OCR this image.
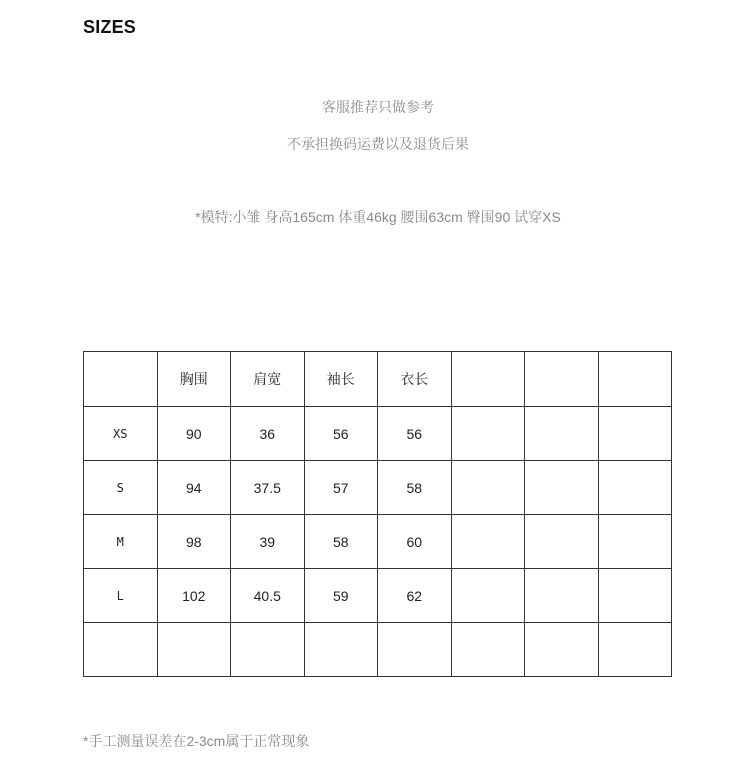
SIZES
客服推荐只做参考
不承担换码运费以及退货后果
*模特:小雏 身高165cm 体重46kg 腰围63cm 臀围90 试穿XS
	胸围	肩宽	袖长	衣长			
XS	90	36	56	56			
S	94	37.5	57	58			
M	98	39	58	60			
L	102	40.5	59	62			

*手工测量误差在2-3cm属于正常现象
